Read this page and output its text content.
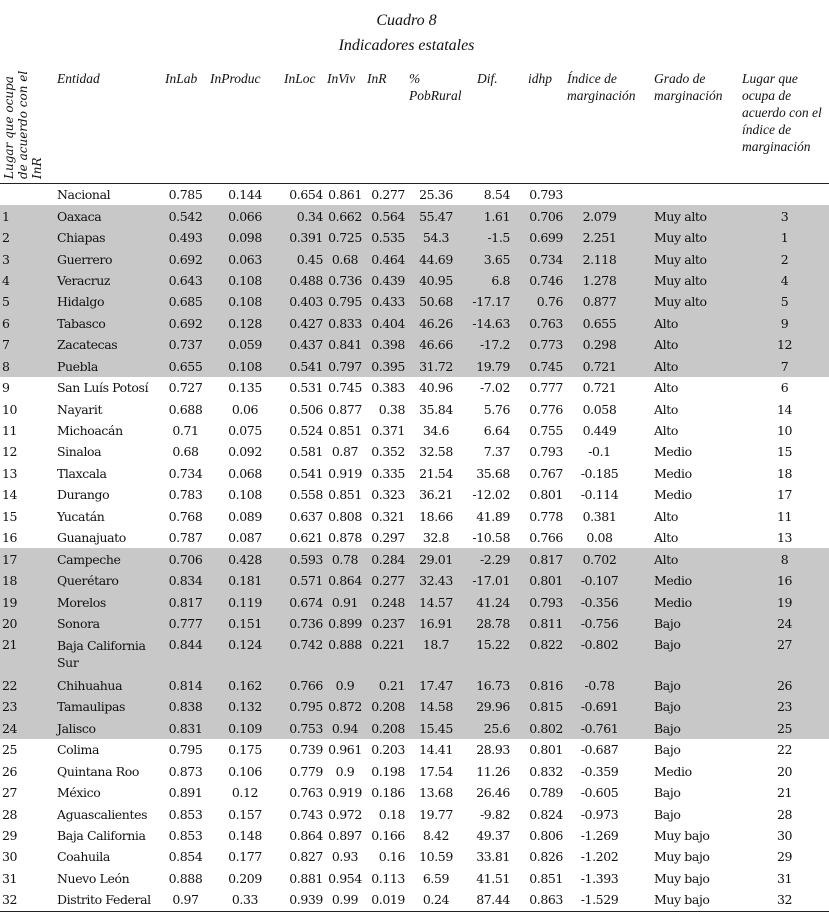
Cuadro 8
Indicadores estatales
Lugar que ocupa de acuerdo con el InR	Entidad	InLab	InProduc	InLoc	InViv	InR	% PobRural	Dif.	idhp	Índice de marginación	Grado de marginación	Lugar que ocupa de acuerdo con el índice de marginación
	Nacional	0.785	0.144	0.654	0.861	0.277	25.36	8.54	0.793			
1	Oaxaca	0.542	0.066	0.34	0.662	0.564	55.47	1.61	0.706	2.079	Muy alto	3
2	Chiapas	0.493	0.098	0.391	0.725	0.535	54.3	-1.5	0.699	2.251	Muy alto	1
3	Guerrero	0.692	0.063	0.45	0.68	0.464	44.69	3.65	0.734	2.118	Muy alto	2
4	Veracruz	0.643	0.108	0.488	0.736	0.439	40.95	6.8	0.746	1.278	Muy alto	4
5	Hidalgo	0.685	0.108	0.403	0.795	0.433	50.68	-17.17	0.76	0.877	Muy alto	5
6	Tabasco	0.692	0.128	0.427	0.833	0.404	46.26	-14.63	0.763	0.655	Alto	9
7	Zacatecas	0.737	0.059	0.437	0.841	0.398	46.66	-17.2	0.773	0.298	Alto	12
8	Puebla	0.655	0.108	0.541	0.797	0.395	31.72	19.79	0.745	0.721	Alto	7
9	San Luís Potosí	0.727	0.135	0.531	0.745	0.383	40.96	-7.02	0.777	0.721	Alto	6
10	Nayarit	0.688	0.06	0.506	0.877	0.38	35.84	5.76	0.776	0.058	Alto	14
11	Michoacán	0.71	0.075	0.524	0.851	0.371	34.6	6.64	0.755	0.449	Alto	10
12	Sinaloa	0.68	0.092	0.581	0.87	0.352	32.58	7.37	0.793	-0.1	Medio	15
13	Tlaxcala	0.734	0.068	0.541	0.919	0.335	21.54	35.68	0.767	-0.185	Medio	18
14	Durango	0.783	0.108	0.558	0.851	0.323	36.21	-12.02	0.801	-0.114	Medio	17
15	Yucatán	0.768	0.089	0.637	0.808	0.321	18.66	41.89	0.778	0.381	Alto	11
16	Guanajuato	0.787	0.087	0.621	0.878	0.297	32.8	-10.58	0.766	0.08	Alto	13
17	Campeche	0.706	0.428	0.593	0.78	0.284	29.01	-2.29	0.817	0.702	Alto	8
18	Querétaro	0.834	0.181	0.571	0.864	0.277	32.43	-17.01	0.801	-0.107	Medio	16
19	Morelos	0.817	0.119	0.674	0.91	0.248	14.57	41.24	0.793	-0.356	Medio	19
20	Sonora	0.777	0.151	0.736	0.899	0.237	16.91	28.78	0.811	-0.756	Bajo	24
21	Baja California Sur	0.844	0.124	0.742	0.888	0.221	18.7	15.22	0.822	-0.802	Bajo	27
22	Chihuahua	0.814	0.162	0.766	0.9	0.21	17.47	16.73	0.816	-0.78	Bajo	26
23	Tamaulipas	0.838	0.132	0.795	0.872	0.208	14.58	29.96	0.815	-0.691	Bajo	23
24	Jalisco	0.831	0.109	0.753	0.94	0.208	15.45	25.6	0.802	-0.761	Bajo	25
25	Colima	0.795	0.175	0.739	0.961	0.203	14.41	28.93	0.801	-0.687	Bajo	22
26	Quintana Roo	0.873	0.106	0.779	0.9	0.198	17.54	11.26	0.832	-0.359	Medio	20
27	México	0.891	0.12	0.763	0.919	0.186	13.68	26.46	0.789	-0.605	Bajo	21
28	Aguascalientes	0.853	0.157	0.743	0.972	0.18	19.77	-9.82	0.824	-0.973	Bajo	28
29	Baja California	0.853	0.148	0.864	0.897	0.166	8.42	49.37	0.806	-1.269	Muy bajo	30
30	Coahuila	0.854	0.177	0.827	0.93	0.16	10.59	33.81	0.826	-1.202	Muy bajo	29
31	Nuevo León	0.888	0.209	0.881	0.954	0.113	6.59	41.51	0.851	-1.393	Muy bajo	31
32	Distrito Federal	0.97	0.33	0.939	0.99	0.019	0.24	87.44	0.863	-1.529	Muy bajo	32
